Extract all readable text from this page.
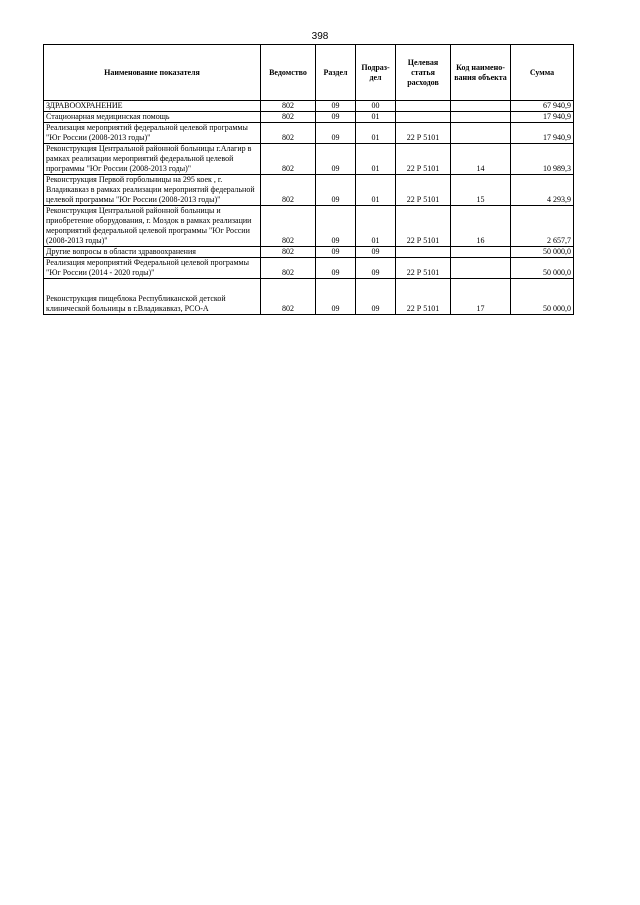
398
Наименование показателя	Ведомство	Раздел	Подраз-дел	Целевая статья расходов	Код наимено-вания объекта	Сумма
ЗДРАВООХРАНЕНИЕ	802	09	00			67 940,9
Стационарная медицинская помощь	802	09	01			17 940,9
Реализация мероприятий федеральной целевой программы "Юг России (2008-2013 годы)"	802	09	01	22 Р 5101		17 940,9
Реконструкция Центральной районной больницы г.Алагир в рамках реализации мероприятий федеральной целевой программы "Юг России (2008-2013 годы)"	802	09	01	22 Р 5101	14	10 989,3
Реконструкция Первой горбольницы на 295 коек , г. Владикавказ в рамках реализации мероприятий федеральной целевой программы "Юг России (2008-2013 годы)"	802	09	01	22 Р 5101	15	4 293,9
Реконструкция Центральной районной больницы и приобретение оборудования, г. Моздок в рамках реализации мероприятий федеральной целевой программы "Юг России (2008-2013 годы)"	802	09	01	22 Р 5101	16	2 657,7
Другие вопросы в области здравоохранения	802	09	09			50 000,0
Реализация мероприятий Федеральной целевой программы "Юг России (2014 - 2020 годы)"	802	09	09	22 Р 5101		50 000,0
Реконструкция пищеблока Республиканской детской клинической больницы в г.Владикавказ, РСО-А	802	09	09	22 Р 5101	17	50 000,0
